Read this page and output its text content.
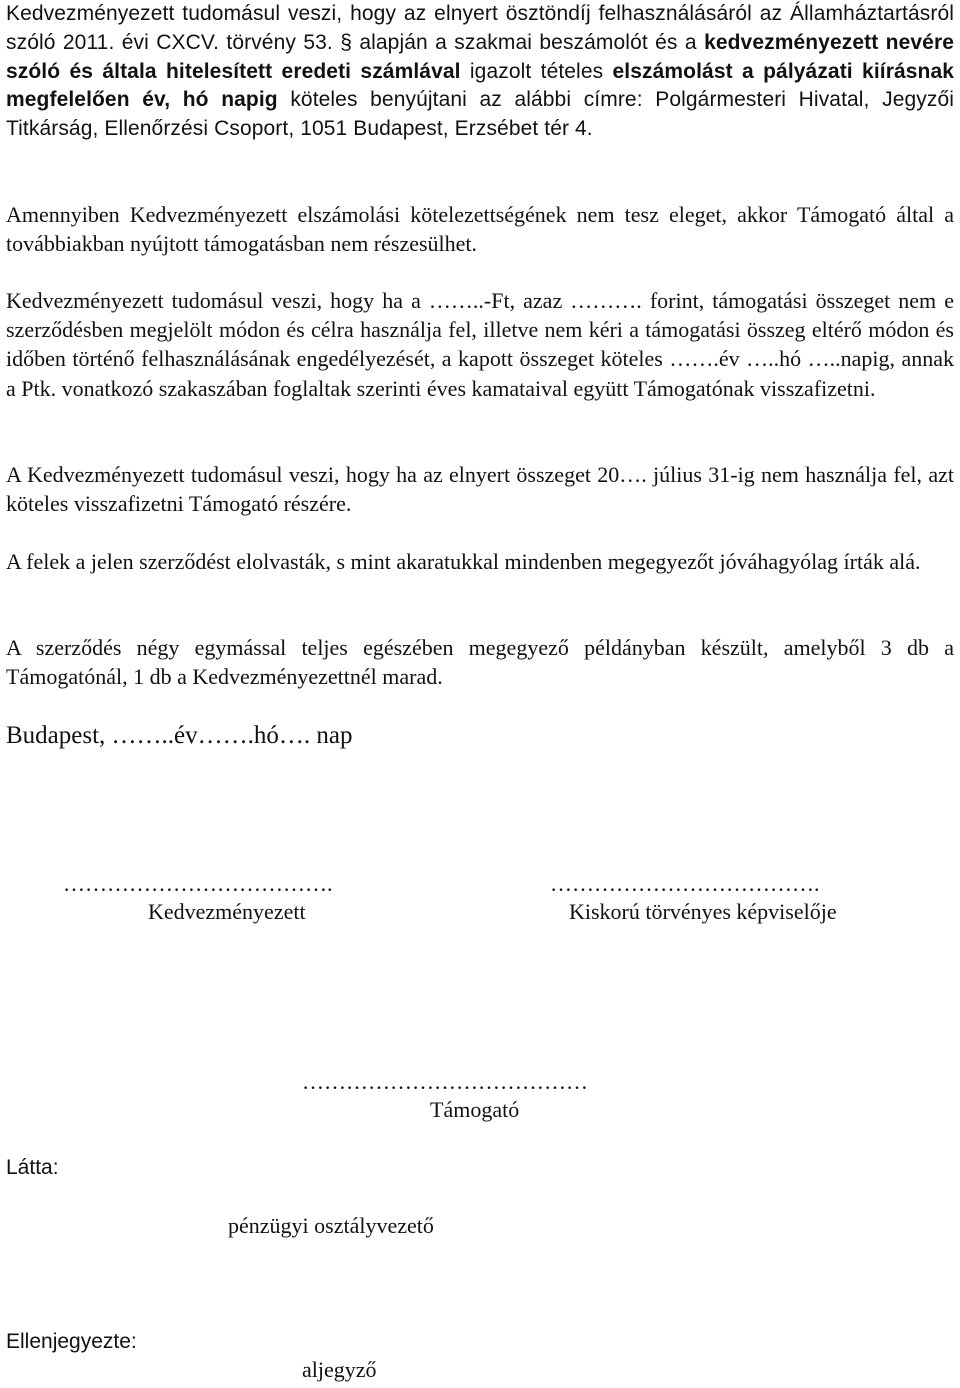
Kedvezményezett tudomásul veszi, hogy az elnyert ösztöndíj felhasználásáról az Államháztartásról szóló 2011. évi CXCV. törvény 53. § alapján a szakmai beszámolót és a kedvezményezett nevére szóló és általa hitelesített eredeti számlával igazolt tételes elszámolást a pályázati kiírásnak megfelelően év, hó napig köteles benyújtani az alábbi címre: Polgármesteri Hivatal, Jegyzői Titkárság, Ellenőrzési Csoport, 1051 Budapest, Erzsébet tér 4.

Amennyiben Kedvezményezett elszámolási kötelezettségének nem tesz eleget, akkor Támogató által a továbbiakban nyújtott támogatásban nem részesülhet.

Kedvezményezett tudomásul veszi, hogy ha a ……..-Ft, azaz ………. forint, támogatási összeget nem e szerződésben megjelölt módon és célra használja fel, illetve nem kéri a támogatási összeg eltérő módon és időben történő felhasználásának engedélyezését, a kapott összeget köteles …….év …..hó …..napig, annak a Ptk. vonatkozó szakaszában foglaltak szerinti éves kamataival együtt Támogatónak visszafizetni.

A Kedvezményezett tudomásul veszi, hogy ha az elnyert összeget 20…. július 31-ig nem használja fel, azt köteles visszafizetni Támogató részére.

A felek a jelen szerződést elolvasták, s mint akaratukkal mindenben megegyezőt jóváhagyólag írták alá.

A szerződés négy egymással teljes egészében megegyező példányban készült, amelyből 3 db a Támogatónál, 1 db a Kedvezményezettnél marad.

Budapest, ……..év…….hó…. nap

……………………………….

Kedvezményezett

……………………………….

Kiskorú törvényes képviselője

…………………………………

Támogató

Látta:

pénzügyi osztályvezető

Ellenjegyezte:

aljegyző
